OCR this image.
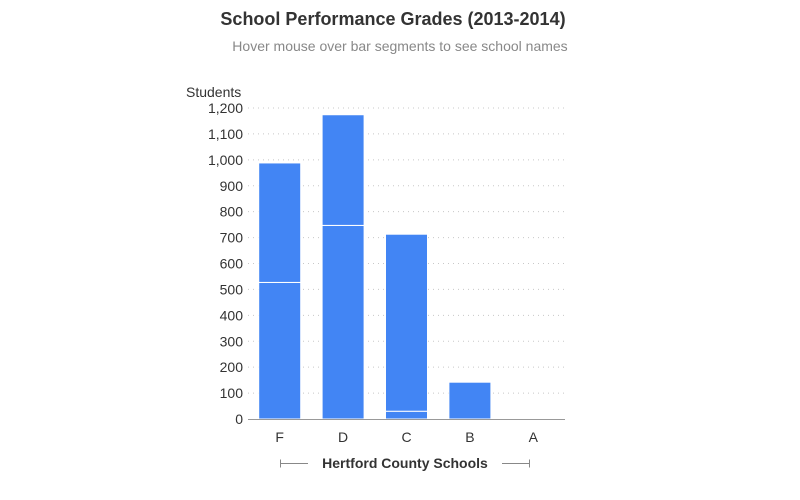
School Performance Grades (2013-2014)
Hover mouse over bar segments to see school names
0
100
200
300
400
500
600
700
800
900
1,000
1,100
1,200
F	D	C	B	A
Students
Hertford County Schools
